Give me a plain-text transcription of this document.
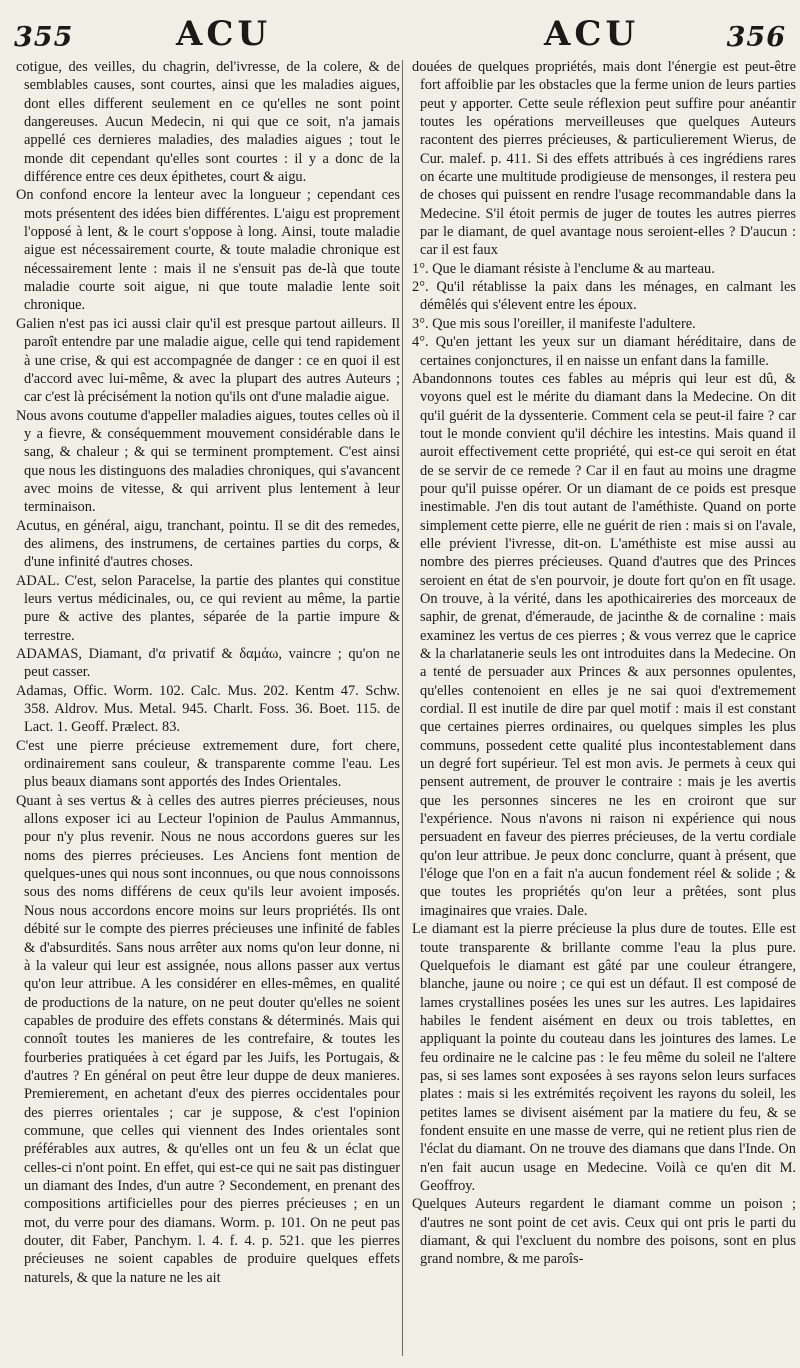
355	ACU	ACU	356

cotigue, des veilles, du chagrin, del'ivresse, de la colere, & de semblables causes, sont courtes, ainsi que les maladies aigues, dont elles different seulement en ce qu'elles ne sont point dangereuses. Aucun Medecin, ni qui que ce soit, n'a jamais appellé ces dernieres maladies, des maladies aigues ; tout le monde dit cependant qu'elles sont courtes : il y a donc de la différence entre ces deux épithetes, court & aigu.

On confond encore la lenteur avec la longueur ; cependant ces mots présentent des idées bien différentes. L'aigu est proprement l'opposé à lent, & le court s'oppose à long. Ainsi, toute maladie aigue est nécessairement courte, & toute maladie chronique est nécessairement lente : mais il ne s'ensuit pas de-là que toute maladie courte soit aigue, ni que toute maladie lente soit chronique.

Galien n'est pas ici aussi clair qu'il est presque partout ailleurs. Il paroît entendre par une maladie aigue, celle qui tend rapidement à une crise, & qui est accompagnée de danger : ce en quoi il est d'accord avec lui-même, & avec la plupart des autres Auteurs ; car c'est là précisément la notion qu'ils ont d'une maladie aigue.

Nous avons coutume d'appeller maladies aigues, toutes celles où il y a fievre, & conséquemment mouvement considérable dans le sang, & chaleur ; & qui se terminent promptement. C'est ainsi que nous les distinguons des maladies chroniques, qui s'avancent avec moins de vitesse, & qui arrivent plus lentement à leur terminaison.

Acutus, en général, aigu, tranchant, pointu. Il se dit des remedes, des alimens, des instrumens, de certaines parties du corps, & d'une infinité d'autres choses.

ADAL. C'est, selon Paracelse, la partie des plantes qui constitue leurs vertus médicinales, ou, ce qui revient au même, la partie pure & active des plantes, séparée de la partie impure & terrestre.

ADAMAS, Diamant, d'α privatif & δαμάω, vaincre ; qu'on ne peut casser.

Adamas, Offic. Worm. 102. Calc. Mus. 202. Kentm 47. Schw. 358. Aldrov. Mus. Metal. 945. Charlt. Foss. 36. Boet. 115. de Lact. 1. Geoff. Prælect. 83.

C'est une pierre précieuse extremement dure, fort chere, ordinairement sans couleur, & transparente comme l'eau. Les plus beaux diamans sont apportés des Indes Orientales.

Quant à ses vertus & à celles des autres pierres précieuses, nous allons exposer ici au Lecteur l'opinion de Paulus Ammannus, pour n'y plus revenir. Nous ne nous accordons gueres sur les noms des pierres précieuses. Les Anciens font mention de quelques-unes qui nous sont inconnues, ou que nous connoissons sous des noms différens de ceux qu'ils leur avoient imposés. Nous nous accordons encore moins sur leurs propriétés. Ils ont débité sur le compte des pierres précieuses une infinité de fables & d'absurdités. Sans nous arrêter aux noms qu'on leur donne, ni à la valeur qui leur est assignée, nous allons passer aux vertus qu'on leur attribue. A les considérer en elles-mêmes, en qualité de productions de la nature, on ne peut douter qu'elles ne soient capables de produire des effets constans & déterminés. Mais qui connoît toutes les manieres de les contrefaire, & toutes les fourberies pratiquées à cet égard par les Juifs, les Portugais, & d'autres ? En général on peut être leur duppe de deux manieres. Premierement, en achetant d'eux des pierres occidentales pour des pierres orientales ; car je suppose, & c'est l'opinion commune, que celles qui viennent des Indes orientales sont préférables aux autres, & qu'elles ont un feu & un éclat que celles-ci n'ont point. En effet, qui est-ce qui ne sait pas distinguer un diamant des Indes, d'un autre ? Secondement, en prenant des compositions artificielles pour des pierres précieuses ; en un mot, du verre pour des diamans. Worm. p. 101. On ne peut pas douter, dit Faber, Panchym. l. 4. f. 4. p. 521. que les pierres précieuses ne soient capables de produire quelques effets naturels, & que la nature ne les ait

douées de quelques propriétés, mais dont l'énergie est peut-être fort affoiblie par les obstacles que la ferme union de leurs parties peut y apporter. Cette seule réflexion peut suffire pour anéantir toutes les opérations merveilleuses que quelques Auteurs racontent des pierres précieuses, & particulierement Wierus, de Cur. malef. p. 411. Si des effets attribués à ces ingrédiens rares on écarte une multitude prodigieuse de mensonges, il restera peu de choses qui puissent en rendre l'usage recommandable dans la Medecine. S'il étoit permis de juger de toutes les autres pierres par le diamant, de quel avantage nous seroient-elles ? D'aucun : car il est faux

1°. Que le diamant résiste à l'enclume & au marteau.

2°. Qu'il rétablisse la paix dans les ménages, en calmant les démêlés qui s'élevent entre les époux.

3°. Que mis sous l'oreiller, il manifeste l'adultere.

4°. Qu'en jettant les yeux sur un diamant héréditaire, dans de certaines conjonctures, il en naisse un enfant dans la famille.

Abandonnons toutes ces fables au mépris qui leur est dû, & voyons quel est le mérite du diamant dans la Medecine. On dit qu'il guérit de la dyssenterie. Comment cela se peut-il faire ? car tout le monde convient qu'il déchire les intestins. Mais quand il auroit effectivement cette propriété, qui est-ce qui seroit en état de se servir de ce remede ? Car il en faut au moins une dragme pour qu'il puisse opérer. Or un diamant de ce poids est presque inestimable. J'en dis tout autant de l'améthiste. Quand on porte simplement cette pierre, elle ne guérit de rien : mais si on l'avale, elle prévient l'ivresse, dit-on. L'améthiste est mise aussi au nombre des pierres précieuses. Quand d'autres que des Princes seroient en état de s'en pourvoir, je doute fort qu'on en fît usage. On trouve, à la vérité, dans les apothicaireries des morceaux de saphir, de grenat, d'émeraude, de jacinthe & de cornaline : mais examinez les vertus de ces pierres ; & vous verrez que le caprice & la charlatanerie seuls les ont introduites dans la Medecine. On a tenté de persuader aux Princes & aux personnes opulentes, qu'elles contenoient en elles je ne sai quoi d'extremement cordial. Il est inutile de dire par quel motif : mais il est constant que certaines pierres ordinaires, ou quelques simples les plus communs, possedent cette qualité plus incontestablement dans un degré fort supérieur. Tel est mon avis. Je permets à ceux qui pensent autrement, de prouver le contraire : mais je les avertis que les personnes sinceres ne les en croiront que sur l'expérience. Nous n'avons ni raison ni expérience qui nous persuadent en faveur des pierres précieuses, de la vertu cordiale qu'on leur attribue. Je peux donc conclurre, quant à présent, que l'éloge que l'on en a fait n'a aucun fondement réel & solide ; & que toutes les propriétés qu'on leur a prêtées, sont plus imaginaires que vraies. Dale.

Le diamant est la pierre précieuse la plus dure de toutes. Elle est toute transparente & brillante comme l'eau la plus pure. Quelquefois le diamant est gâté par une couleur étrangere, blanche, jaune ou noire ; ce qui est un défaut. Il est composé de lames crystallines posées les unes sur les autres. Les lapidaires habiles le fendent aisément en deux ou trois tablettes, en appliquant la pointe du couteau dans les jointures des lames. Le feu ordinaire ne le calcine pas : le feu même du soleil ne l'altere pas, si ses lames sont exposées à ses rayons selon leurs surfaces plates : mais si les extrémités reçoivent les rayons du soleil, les petites lames se divisent aisément par la matiere du feu, & se fondent ensuite en une masse de verre, qui ne retient plus rien de l'éclat du diamant. On ne trouve des diamans que dans l'Inde. On n'en fait aucun usage en Medecine. Voilà ce qu'en dit M. Geoffroy.

Quelques Auteurs regardent le diamant comme un poison ; d'autres ne sont point de cet avis. Ceux qui ont pris le parti du diamant, & qui l'excluent du nombre des poisons, sont en plus grand nombre, & me paroîs-
